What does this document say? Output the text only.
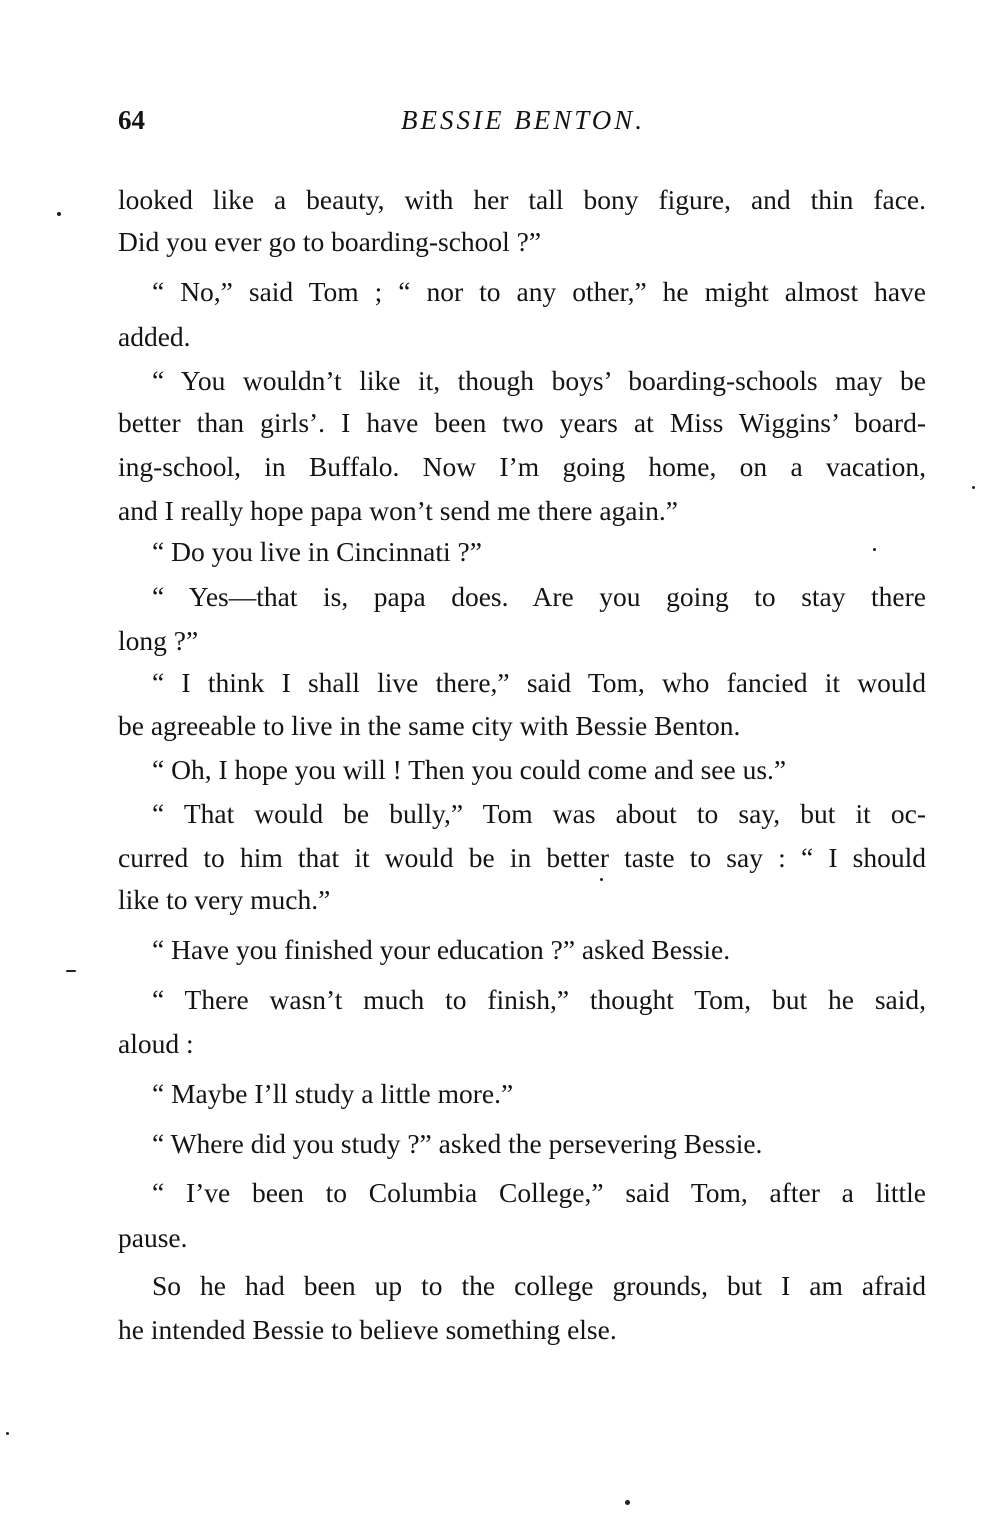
64	BESSIE BENTON.
looked like a beauty, with her tall bony figure, and thin face.
Did you ever go to boarding-school ?”
“ No,” said Tom ; “ nor to any other,” he might almost have
added.
“ You wouldn’t like it, though boys’ boarding-schools may be
better than girls’. I have been two years at Miss Wiggins’ board-
ing-school, in Buffalo. Now I’m going home, on a vacation,
and I really hope papa won’t send me there again.”
“ Do you live in Cincinnati ?”
“ Yes—that is, papa does. Are you going to stay there
long ?”
“ I think I shall live there,” said Tom, who fancied it would
be agreeable to live in the same city with Bessie Benton.
“ Oh, I hope you will ! Then you could come and see us.”
“ That would be bully,” Tom was about to say, but it oc-
curred to him that it would be in better taste to say : “ I should
like to very much.”
“ Have you finished your education ?” asked Bessie.
“ There wasn’t much to finish,” thought Tom, but he said,
aloud :
“ Maybe I’ll study a little more.”
“ Where did you study ?” asked the persevering Bessie.
“ I’ve been to Columbia College,” said Tom, after a little
pause.
So he had been up to the college grounds, but I am afraid
he intended Bessie to believe something else.
